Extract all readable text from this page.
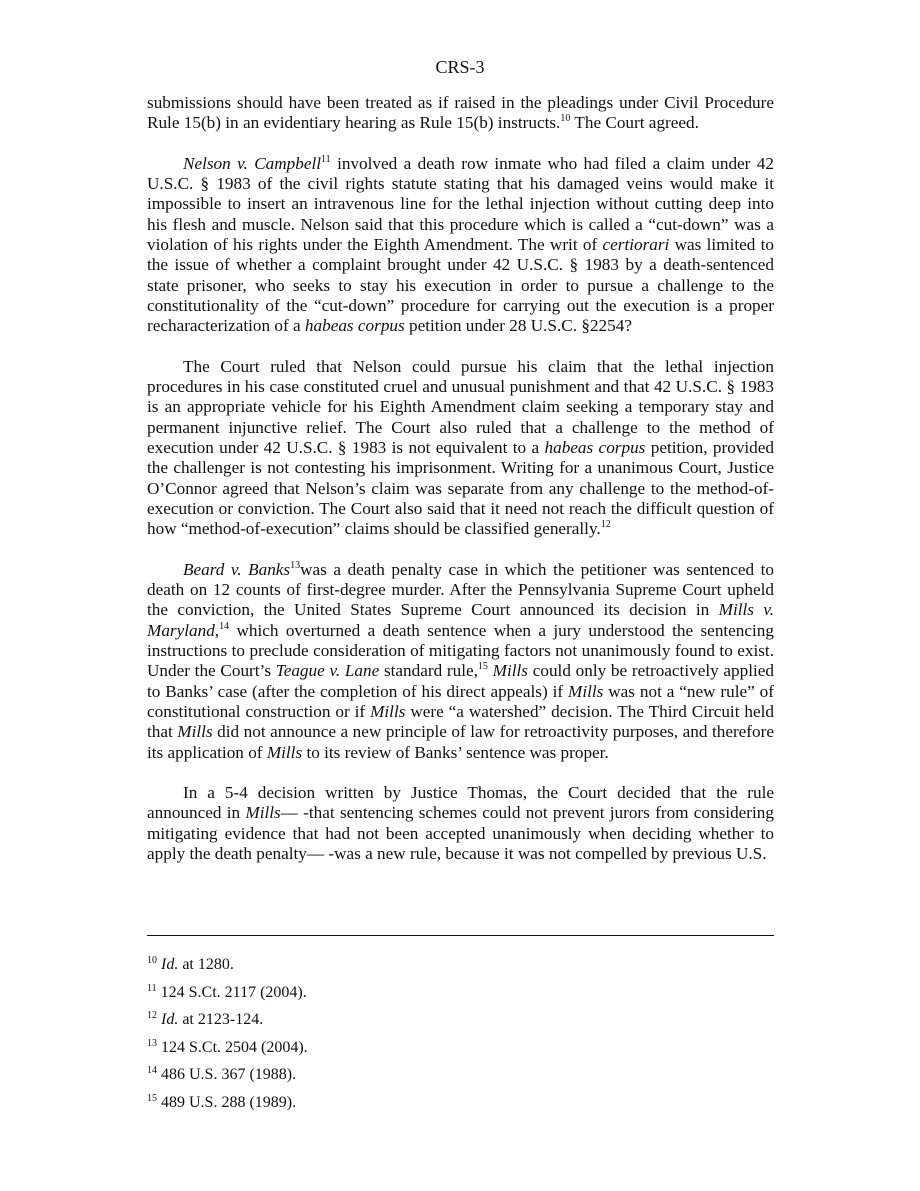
CRS-3

submissions should have been treated as if raised in the pleadings under Civil Procedure Rule 15(b) in an evidentiary hearing as Rule 15(b) instructs.$^{10}$ The Court agreed.

Nelson v. Campbell$^{11}$ involved a death row inmate who had filed a claim under 42 U.S.C. § 1983 of the civil rights statute stating that his damaged veins would make it impossible to insert an intravenous line for the lethal injection without cutting deep into his flesh and muscle. Nelson said that this procedure which is called a “cut-down” was a violation of his rights under the Eighth Amendment. The writ of certiorari was limited to the issue of whether a complaint brought under 42 U.S.C. § 1983 by a death-sentenced state prisoner, who seeks to stay his execution in order to pursue a challenge to the constitutionality of the “cut-down” procedure for carrying out the execution is a proper recharacterization of a habeas corpus petition under 28 U.S.C. §2254?

The Court ruled that Nelson could pursue his claim that the lethal injection procedures in his case constituted cruel and unusual punishment and that 42 U.S.C. § 1983 is an appropriate vehicle for his Eighth Amendment claim seeking a temporary stay and permanent injunctive relief. The Court also ruled that a challenge to the method of execution under 42 U.S.C. § 1983 is not equivalent to a habeas corpus petition, provided the challenger is not contesting his imprisonment. Writing for a unanimous Court, Justice O’Connor agreed that Nelson’s claim was separate from any challenge to the method-of-execution or conviction. The Court also said that it need not reach the difficult question of how “method-of-execution” claims should be classified generally.$^{12}$

Beard v. Banks$^{13}$was a death penalty case in which the petitioner was sentenced to death on 12 counts of first-degree murder. After the Pennsylvania Supreme Court upheld the conviction, the United States Supreme Court announced its decision in Mills v. Maryland,$^{14}$ which overturned a death sentence when a jury understood the sentencing instructions to preclude consideration of mitigating factors not unanimously found to exist. Under the Court’s Teague v. Lane standard rule,$^{15}$ Mills could only be retroactively applied to Banks’ case (after the completion of his direct appeals) if Mills was not a “new rule” of constitutional construction or if Mills were “a watershed” decision. The Third Circuit held that Mills did not announce a new principle of law for retroactivity purposes, and therefore its application of Mills to its review of Banks’ sentence was proper.

In a 5-4 decision written by Justice Thomas, the Court decided that the rule announced in Mills— -that sentencing schemes could not prevent jurors from considering mitigating evidence that had not been accepted unanimously when deciding whether to apply the death penalty— -was a new rule, because it was not compelled by previous U.S.

$^{10}$ Id. at 1280.
$^{11}$ 124 S.Ct. 2117 (2004).
$^{12}$ Id. at 2123-124.
$^{13}$ 124 S.Ct. 2504 (2004).
$^{14}$ 486 U.S. 367 (1988).
$^{15}$ 489 U.S. 288 (1989).
